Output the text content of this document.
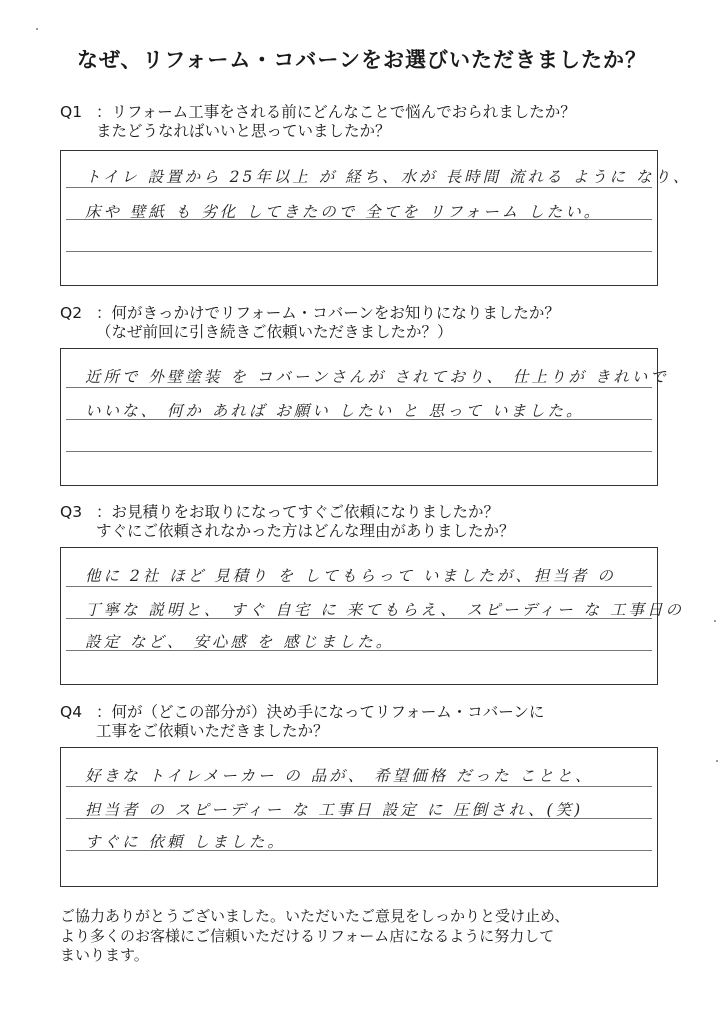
なぜ、リフォーム・コバーンをお選びいただきましたか？
Q1 ：リフォーム工事をされる前にどんなことで悩んでおられましたか？
またどうなればいいと思っていましたか？
トイレ 設置から 25年以上 が 経ち、水が 長時間 流れる ように なり、
床や 壁紙 も 劣化 してきたので 全てを リフォーム したい。
Q2 ：何がきっかけでリフォーム・コバーンをお知りになりましたか？
（なぜ前回に引き続きご依頼いただきましたか？）
近所で 外壁塗装 を コバーンさんが されており、 仕上りが きれいで
いいな、 何か あれば お願い したい と 思って いました。
Q3 ：お見積りをお取りになってすぐご依頼になりましたか？
すぐにご依頼されなかった方はどんな理由がありましたか？
他に 2社 ほど 見積り を してもらって いましたが、担当者 の
丁寧な 説明と、 すぐ 自宅 に 来てもらえ、 スピーディー な 工事日の
設定 など、 安心感 を 感じました。
Q4 ：何が（どこの部分が）決め手になってリフォーム・コバーンに
工事をご依頼いただきましたか？
好きな トイレメーカー の 品が、 希望価格 だった ことと、
担当者 の スピーディー な 工事日 設定 に 圧倒され、(笑)
すぐに 依頼 しました。
ご協力ありがとうございました。いただいたご意見をしっかりと受け止め、
より多くのお客様にご信頼いただけるリフォーム店になるように努力して
まいります。
